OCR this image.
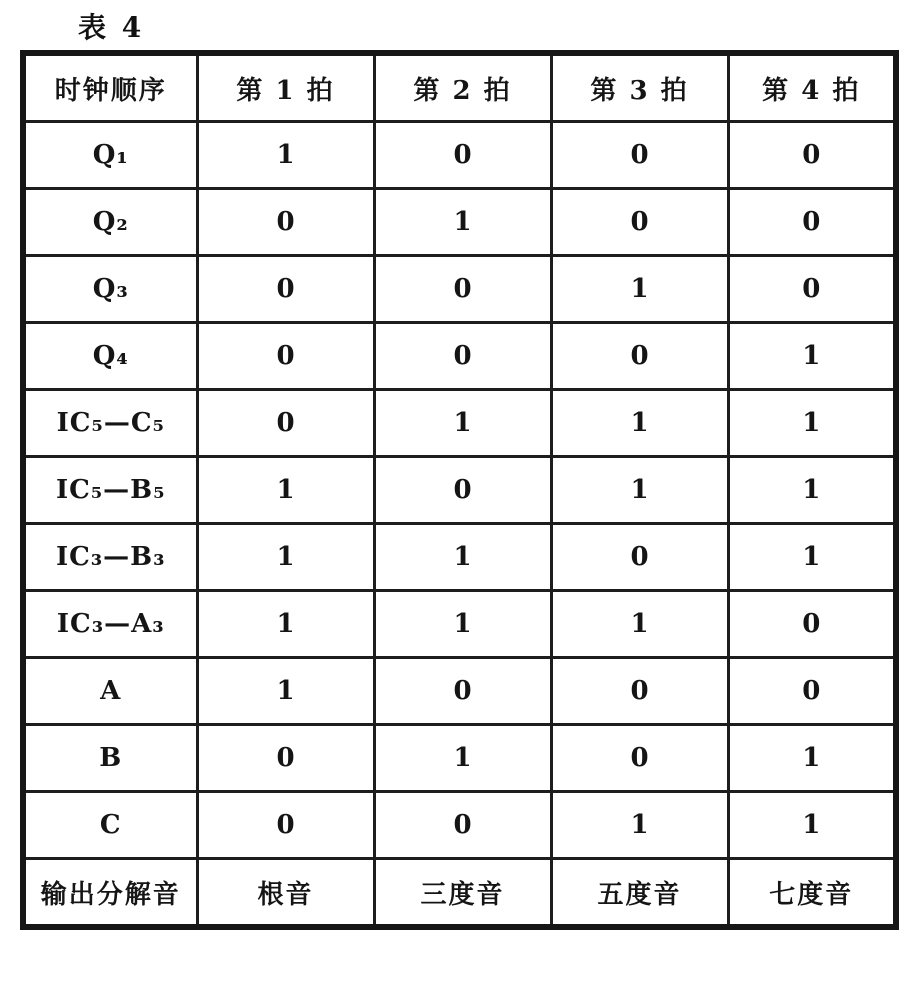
表 4
时钟顺序	第 1 拍	第 2 拍	第 3 拍	第 4 拍
Q₁	1	0	0	0
Q₂	0	1	0	0
Q₃	0	0	1	0
Q₄	0	0	0	1
IC₅—C₅	0	1	1	1
IC₅—B₅	1	0	1	1
IC₃—B₃	1	1	0	1
IC₃—A₃	1	1	1	0
A	1	0	0	0
B	0	1	0	1
C	0	0	1	1
输出分解音	根音	三度音	五度音	七度音
